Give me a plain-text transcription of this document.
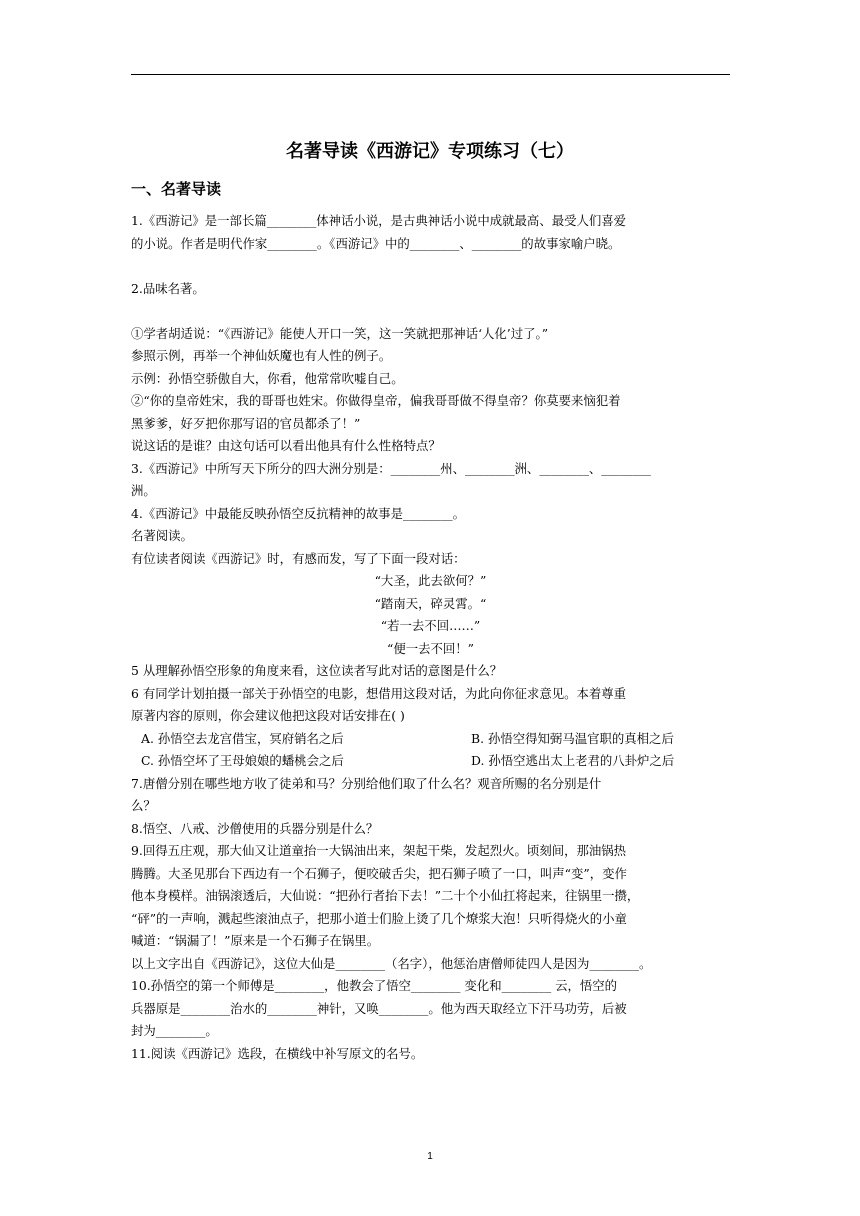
名著导读《西游记》专项练习（七）
一、名著导读

1.《西游记》是一部长篇________体神话小说，是古典神话小说中成就最高、最受人们喜爱

的小说。作者是明代作家________。《西游记》中的________、________的故事家喻户晓。

2.品味名著。

①学者胡适说：“《西游记》能使人开口一笑，这一笑就把那神话‘人化’过了。”

参照示例，再举一个神仙妖魔也有人性的例子。

示例：孙悟空骄傲自大，你看，他常常吹嘘自己。

②“你的皇帝姓宋，我的哥哥也姓宋。你做得皇帝，偏我哥哥做不得皇帝？你莫要来恼犯着

黑爹爹，好歹把你那写诏的官员都杀了！”

说这话的是谁？由这句话可以看出他具有什么性格特点？

3.《西游记》中所写天下所分的四大洲分别是：________州、________洲、________、________

洲。

4.《西游记》中最能反映孙悟空反抗精神的故事是________。

名著阅读。

有位读者阅读《西游记》时，有感而发，写了下面一段对话：

“大圣，此去欲何？”

“踏南天，碎灵霄。“

“若一去不回……”

“便一去不回！”

5 从理解孙悟空形象的角度来看，这位读者写此对话的意图是什么？

6 有同学计划拍摄一部关于孙悟空的电影，想借用这段对话，为此向你征求意见。本着尊重

原著内容的原则，你会建议他把这段对话安排在( )

A. 孙悟空去龙宫借宝，冥府销名之后	B. 孙悟空得知弼马温官职的真相之后
C. 孙悟空坏了王母娘娘的蟠桃会之后	D. 孙悟空逃出太上老君的八卦炉之后

7.唐僧分别在哪些地方收了徒弟和马？分别给他们取了什么名？观音所赐的名分别是什

么？

8.悟空、八戒、沙僧使用的兵器分别是什么？

9.回得五庄观，那大仙又让道童抬一大锅油出来，架起干柴，发起烈火。顷刻间，那油锅热

腾腾。大圣见那台下西边有一个石狮子，便咬破舌尖，把石狮子喷了一口，叫声“变”，变作

他本身模样。油锅滚透后，大仙说：“把孙行者抬下去！”二十个小仙扛将起来，往锅里一攒，

“砰”的一声响，溅起些滚油点子，把那小道士们脸上烫了几个燎浆大泡！只听得烧火的小童

喊道：“锅漏了！”原来是一个石狮子在锅里。

以上文字出自《西游记》，这位大仙是________（名字），他惩治唐僧师徒四人是因为________。

10.孙悟空的第一个师傅是________，他教会了悟空________ 变化和________ 云，悟空的

兵器原是________治水的________神针，又唤________。他为西天取经立下汗马功劳，后被

封为________。

11.阅读《西游记》选段，在横线中补写原文的名号。

1
